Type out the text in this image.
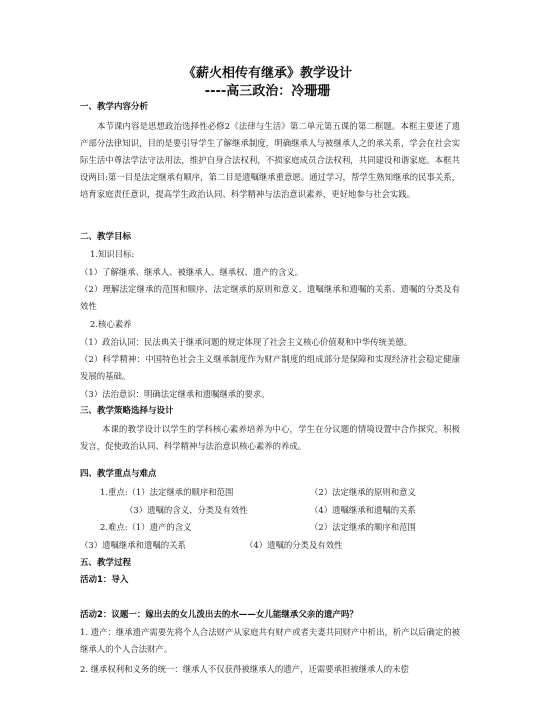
《薪火相传有继承》教学设计
----高三政治：冷珊珊
一、教学内容分析

本节课内容是思想政治选择性必修2《法律与生活》第二单元第五课的第二框题。本框主要述了遗产部分法律知识，目的是要引导学生了解继承制度，明确继承人与被继承人之的承关系，学会在社会实际生活中尊法学法守法用法，维护自身合法权利，不损家庭成员合法权利，共同建设和谐家庭。本框共设两目:第一目是法定继承有顺序，第二目是遗嘱继承重意愿。通过学习，帮学生熟知继承的民事关系，培育家庭责任意识，提高学生政治认同、科学精神与法治意识素养，更好地参与社会实践。

二、教学目标
1.知识目标:
（1）了解继承、继承人、被继承人、继承权、遗产的含义。

（2）理解法定继承的范围和顺序、法定继承的原则和意义、遗嘱继承和遗嘱的关系、遗嘱的分类及有效性

2.核心素养
（1）政治认同：民法典关于继承问题的规定体现了社会主义核心价值观和中华传统美德。

（2）科学精神：中国特色社会主义继承制度作为财产制度的组成部分是保障和实现经济社会稳定健康发展的基础。

（3）法治意识：明确法定继承和遗嘱继承的要求。
三、教学策略选择与设计

本课的教学设计以学生的学科核心素养培养为中心，学生在分议题的情境设置中合作探究，积极发言，促使政治认同、科学精神与法治意识核心素养的养成。

四、教学重点与难点
1.重点:（1）法定继承的顺序和范围	（2）法定继承的原则和意义
（3）遗嘱的含义、分类及有效性	（4）遗嘱继承和遗嘱的关系
2.难点:（1）遗产的含义	（2）法定继承的顺序和范围
（3）遗嘱继承和遗嘱的关系	（4）遗嘱的分类及有效性
五、教学过程
活动1：导入
活动2：议题一：嫁出去的女儿泼出去的水——女儿能继承父亲的遗产吗？

1. 遗产：继承遗产需要先将个人合法财产从家庭共有财产或者夫妻共同财产中析出，析产以后确定的被继承人的个人合法财产。

2. 继承权利和义务的统一：继承人不仅获得被继承人的遗产，还需要承担被继承人的未偿
